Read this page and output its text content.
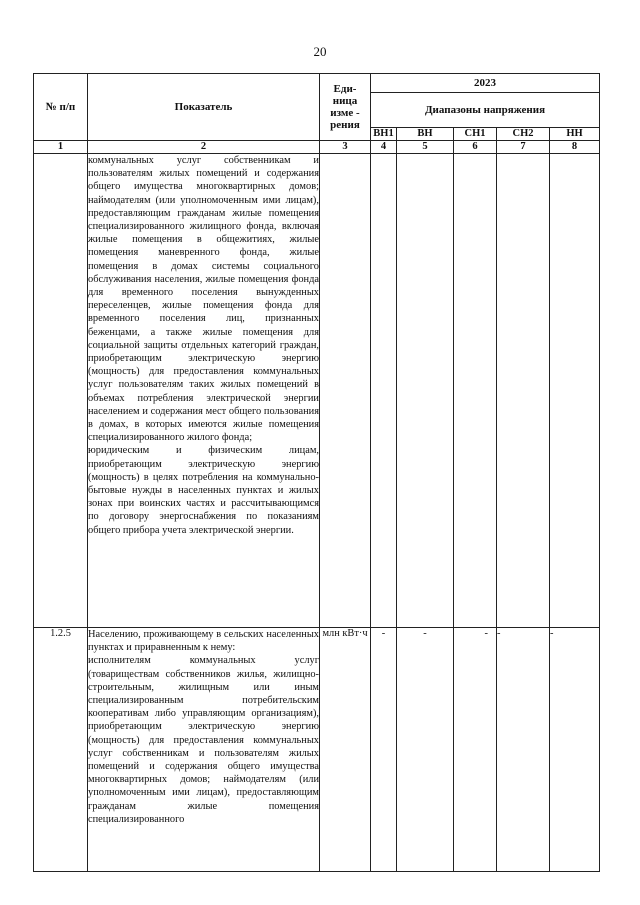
20
№ п/п	Показатель	Еди-
ница
изме -
рения	2023				
			Диапазоны напряжения				
			ВН1	ВН	СН1	СН2	НН
1	2	3	4	5	6	7	8

	коммунальных услуг собственникам и пользователям жилых помещений и содержания общего имущества многоквартирных домов; наймодателям (или уполномоченным ими лицам), предоставляющим гражданам жилые помещения специализированного жилищного фонда, включая жилые помещения в общежитиях, жилые помещения маневренного фонда, жилые помещения в домах системы социального обслуживания населения, жилые помещения фонда для временного поселения вынужденных переселенцев, жилые помещения фонда для временного поселения лиц, признанных беженцами, а также жилые помещения для социальной защиты отдельных категорий граждан, приобретающим электрическую энергию (мощность) для предоставления коммунальных услуг пользователям таких жилых помещений в объемах потребления электрической энергии населением и содержания мест общего пользования в домах, в которых имеются жилые помещения специализированного жилого фонда;
юридическим и физическим лицам, приобретающим электрическую энергию (мощность) в целях потребления на коммунально-бытовые нужды в населенных пунктах и жилых зонах при воинских частях и рассчитывающимся по договору энергоснабжения по показаниям общего прибора учета электрической энергии.						

1.2.5	Населению, проживающему в сельских населенных пунктах и приравненным к нему:
исполнителям коммунальных услуг (товариществам собственников жилья, жилищно-строительным, жилищным или иным специализированным потребительским кооперативам либо управляющим организациям), приобретающим электрическую энергию (мощность) для предоставления коммунальных услуг собственникам и пользователям жилых помещений и содержания общего имущества многоквартирных домов; наймодателям (или уполномоченным ими лицам), предоставляющим гражданам жилые помещения специализированного	млн кВт·ч	-	-	-	-	-
